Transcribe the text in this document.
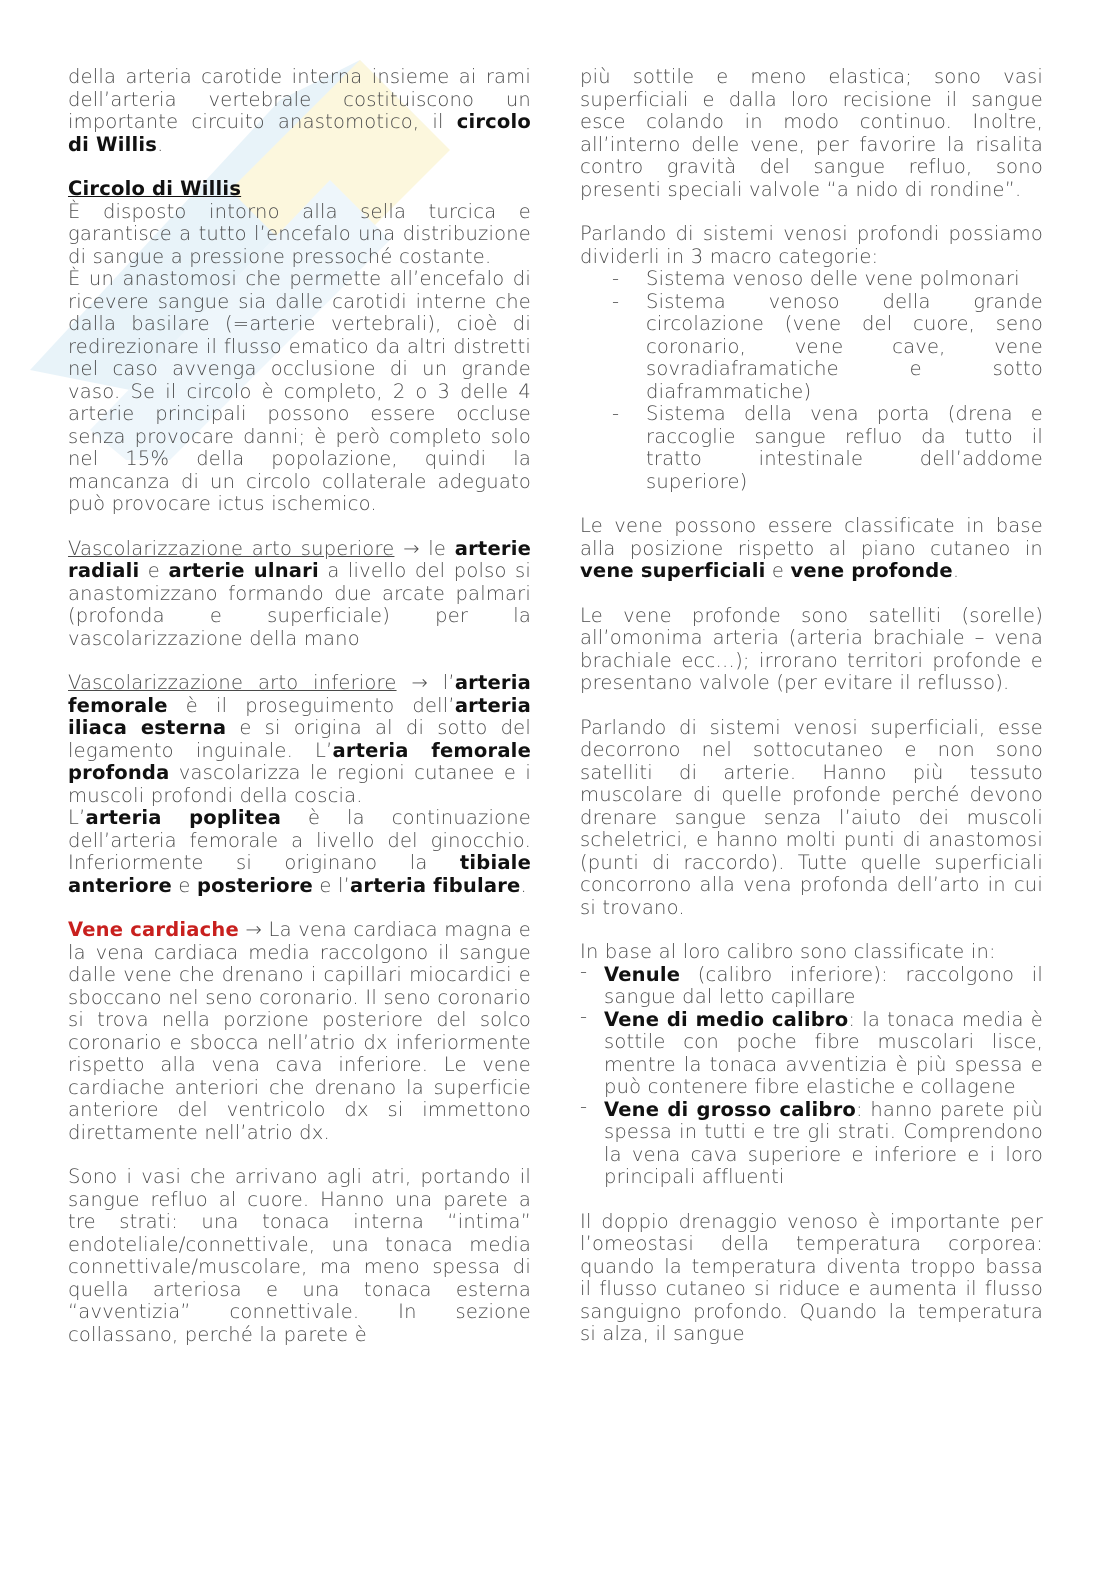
della arteria carotide interna insieme ai rami dell’arteria vertebrale costituiscono un importante circuito anastomotico, il circolo di Willis.

Circolo di Willis
È disposto intorno alla sella turcica e garantisce a tutto l’encefalo una distribuzione di sangue a pressione pressoché costante.

È un anastomosi che permette all’encefalo di ricevere sangue sia dalle carotidi interne che dalla basilare (=arterie vertebrali), cioè di redirezionare il flusso ematico da altri distretti nel caso avvenga occlusione di un grande vaso. Se il circolo è completo, 2 o 3 delle 4 arterie principali possono essere occluse senza provocare danni; è però completo solo nel 15% della popolazione, quindi la mancanza di un circolo collaterale adeguato può provocare ictus ischemico.

Vascolarizzazione arto superiore → le arterie radiali e arterie ulnari a livello del polso si anastomizzano formando due arcate palmari (profonda e superficiale) per la vascolarizzazione della mano

Vascolarizzazione arto inferiore → l’arteria femorale è il proseguimento dell’arteria iliaca esterna e si origina al di sotto del legamento inguinale. L’arteria femorale profonda vascolarizza le regioni cutanee e i muscoli profondi della coscia.

L’arteria poplitea è la continuazione dell’arteria femorale a livello del ginocchio. Inferiormente si originano la tibiale anteriore e posteriore e l’arteria fibulare.

Vene cardiache → La vena cardiaca magna e la vena cardiaca media raccolgono il sangue dalle vene che drenano i capillari miocardici e sboccano nel seno coronario. Il seno coronario si trova nella porzione posteriore del solco coronario e sbocca nell’atrio dx inferiormente rispetto alla vena cava inferiore. Le vene cardiache anteriori che drenano la superficie anteriore del ventricolo dx si immettono direttamente nell’atrio dx.

Sono i vasi che arrivano agli atri, portando il sangue refluo al cuore. Hanno una parete a tre strati: una tonaca interna “intima” endoteliale/connettivale, una tonaca media connettivale/muscolare, ma meno spessa di quella arteriosa e una tonaca esterna “avventizia” connettivale. In sezione collassano, perché la parete è

più sottile e meno elastica; sono vasi superficiali e dalla loro recisione il sangue esce colando in modo continuo. Inoltre, all’interno delle vene, per favorire la risalita contro gravità del sangue refluo, sono presenti speciali valvole “a nido di rondine”.

Parlando di sistemi venosi profondi possiamo dividerli in 3 macro categorie:

- Sistema venoso delle vene polmonari
- Sistema venoso della grande circolazione (vene del cuore, seno coronario, vene cave, vene sovradiaframatiche e sotto diaframmatiche)
- Sistema della vena porta (drena e raccoglie sangue refluo da tutto il tratto intestinale dell’addome superiore)

Le vene possono essere classificate in base alla posizione rispetto al piano cutaneo in vene superficiali e vene profonde.

Le vene profonde sono satelliti (sorelle) all’omonima arteria (arteria brachiale – vena brachiale ecc…); irrorano territori profonde e presentano valvole (per evitare il reflusso).

Parlando di sistemi venosi superficiali, esse decorrono nel sottocutaneo e non sono satelliti di arterie. Hanno più tessuto muscolare di quelle profonde perché devono drenare sangue senza l’aiuto dei muscoli scheletrici, e hanno molti punti di anastomosi (punti di raccordo). Tutte quelle superficiali concorrono alla vena profonda dell’arto in cui si trovano.

In base al loro calibro sono classificate in:

‐ Venule (calibro inferiore): raccolgono il sangue dal letto capillare
‐ Vene di medio calibro: la tonaca media è sottile con poche fibre muscolari lisce, mentre la tonaca avventizia è più spessa e può contenere fibre elastiche e collagene
‐ Vene di grosso calibro: hanno parete più spessa in tutti e tre gli strati. Comprendono la vena cava superiore e inferiore e i loro principali affluenti

Il doppio drenaggio venoso è importante per l’omeostasi della temperatura corporea: quando la temperatura diventa troppo bassa il flusso cutaneo si riduce e aumenta il flusso sanguigno profondo. Quando la temperatura si alza, il sangue
